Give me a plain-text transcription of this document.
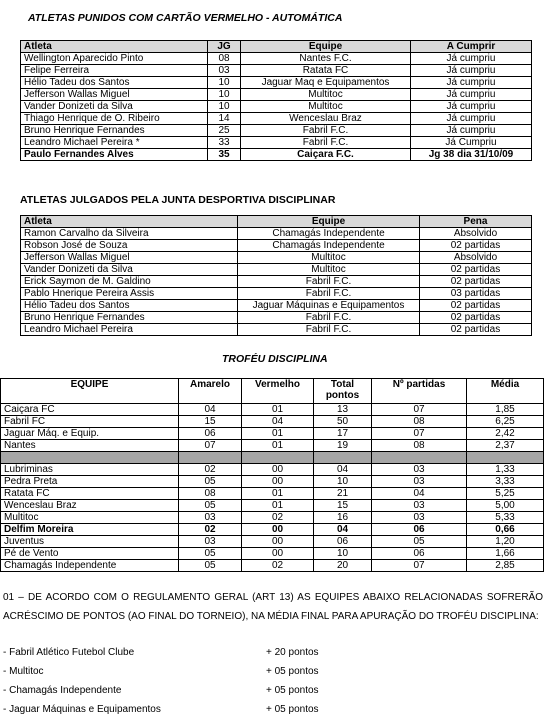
ATLETAS PUNIDOS COM CARTÃO VERMELHO - AUTOMÁTICA
Atleta	JG	Equipe	A Cumprir
Wellington Aparecido Pinto	08	Nantes F.C.	Já cumpriu
Felipe Ferreira	03	Ratata FC	Já cumpriu
Hélio Tadeu dos Santos	10	Jaguar Maq e Equipamentos	Já cumpriu
Jefferson Wallas Miguel	10	Multitoc	Já cumpriu
Vander Donizeti da Silva	10	Multitoc	Já cumpriu
Thiago Henrique de O. Ribeiro	14	Wenceslau Braz	Já cumpriu
Bruno Henrique Fernandes	25	Fabril F.C.	Já cumpriu
Leandro Michael Pereira *	33	Fabril F.C.	Já Cumpriu
Paulo Fernandes Alves	35	Caiçara F.C.	Jg 38 dia 31/10/09
ATLETAS JULGADOS PELA JUNTA DESPORTIVA DISCIPLINAR
Atleta	Equipe	Pena
Ramon Carvalho da Silveira	Chamagás Independente	Absolvido
Robson José de Souza	Chamagás Independente	02 partidas
Jefferson Wallas Miguel	Multitoc	Absolvido
Vander Donizeti da Silva	Multitoc	02 partidas
Erick Saymon de M. Galdino	Fabril F.C.	02 partidas
Pablo Hnerique Pereira Assis	Fabril F.C.	03 partidas
Hélio Tadeu dos Santos	Jaguar Máquinas e Equipamentos	02 partidas
Bruno Henrique Fernandes	Fabril F.C.	02 partidas
Leandro Michael Pereira	Fabril F.C.	02 partidas
TROFÉU DISCIPLINA
EQUIPE	Amarelo	Vermelho	Total pontos	Nº partidas	Média
Caiçara FC	04	01	13	07	1,85
Fabril FC	15	04	50	08	6,25
Jaguar Máq. e Equip.	06	01	17	07	2,42
Nantes	07	01	19	08	2,37

Lubriminas	02	00	04	03	1,33
Pedra Preta	05	00	10	03	3,33
Ratata FC	08	01	21	04	5,25
Wenceslau Braz	05	01	15	03	5,00
Multitoc	03	02	16	03	5,33
Delfim Moreira	02	00	04	06	0,66
Juventus	03	00	06	05	1,20
Pé de Vento	05	00	10	06	1,66
Chamagás Independente	05	02	20	07	2,85
01 – DE ACORDO COM O REGULAMENTO GERAL (ART 13) AS EQUIPES ABAIXO RELACIONADAS SOFRERÃO ACRÉSCIMO DE PONTOS (AO FINAL DO TORNEIO), NA MÉDIA FINAL PARA APURAÇÃO DO TROFÉU DISCIPLINA:
- Fabril Atlético Futebol Clube	+ 20 pontos
- Multitoc	+ 05 pontos
- Chamagás Independente	+ 05 pontos
- Jaguar Máquinas e Equipamentos	+ 05 pontos
